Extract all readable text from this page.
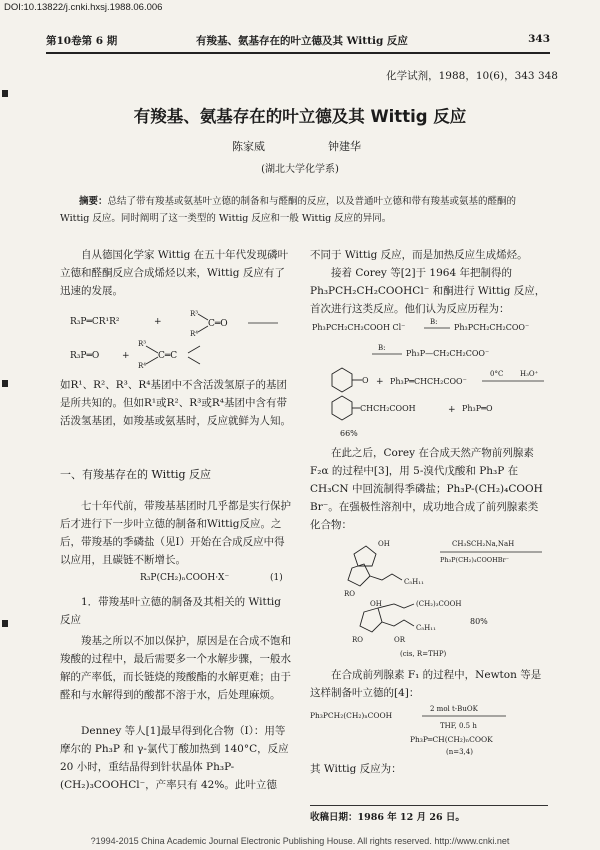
DOI:10.13822/j.cnki.hxsj.1988.06.006
第10卷第 6 期	有羧基、氨基存在的叶立德及其 Wittig 反应	343
化学试剂，1988，10(6)，343 348
有羧基、氨基存在的叶立德及其 Wittig 反应
陈家威	钟建华
(湖北大学化学系)
摘要：总结了带有羧基或氨基叶立德的制备和与醛酮的反应，以及普通叶立德和带有羧基或氨基的醛酮的 Wittig 反应。同时阐明了这一类型的 Wittig 反应和一般 Wittig 反应的异同。
自从德国化学家 Wittig 在五十年代发现磷叶立德和醛酮反应合成烯烃以来，Wittig 反应有了迅速的发展。
R₃P═CR¹R²	+
R³
R⁴
C═O
R₃P═O	+
R³
R⁴
C═C
如R¹、R²、R³、R⁴基团中不含活泼氢原子的基团是所共知的。但如R¹或R²、R³或R⁴基团中含有带活泼氢基团，如羧基或氨基时，反应就鲜为人知。
一、有羧基存在的 Wittig 反应
七十年代前，带羧基基团时几乎都是实行保护后才进行下一步叶立德的制备和Wittig反应。之后，带羧基的季磷盐（见Ⅰ）开始在合成反应中得以应用，且碳链不断增长。
R₃P(CH₂)ₙCOOH·X⁻	(1)
1．带羧基叶立德的制备及其相关的 Wittig 反应
羧基之所以不加以保护，原因是在合成不饱和羧酸的过程中，最后需要多一个水解步骤，一般水解的产率低，而长链烧的羧酸酯的水解更难；由于醛和与水解得到的酸都不溶于水，后处理麻烦。
Denney 等人[1]最早得到化合物（Ⅰ）：用等摩尔的 Ph₃P 和 γ-氯代丁酸加热到 140°C，反应 20 小时，重结晶得到针状晶体 Ph₃P-(CH₂)₃COOHCl⁻，产率只有 42%。此叶立德
不同于 Wittig 反应，而是加热反应生成烯烃。
接着 Corey 等[2]于 1964 年把制得的 Ph₃PCH₂CH₂COOHCl⁻ 和酮进行 Wittig 反应，首次进行这类反应。他们认为反应历程为：
Ph₃PCH₂CH₂COOH Cl⁻
B:
Ph₃PCH₂CH₂COO⁻
B:
Ph₃P—CH₂CH₂COO⁻
O + Ph₃P═CHCH₂COO⁻
0°C H₃O⁺
CHCH₂COOH	+ Ph₃P═O
66%
在此之后，Corey 在合成天然产物前列腺素 F₂α 的过程中[3]，用 5-溴代戊酸和 Ph₃P 在 CH₃CN 中回流制得季磷盐；Ph₃P-(CH₂)₄COOH Br⁻。在强极性溶剂中，成功地合成了前列腺素类化合物：
OH
C₅H₁₁
RO
CH₃SCH₂Na,NaH
Ph₃P(CH₂)₄COOHBr⁻
OH	(CH₂)₃COOH
80%
C₅H₁₁
RO	OR
(cis, R=THP)
在合成前列腺素 F₁ 的过程中，Newton 等是这样制备叶立德的[4]：
Ph₃PCH₂(CH₂)ₙCOOH
2 mol t-BuOK
THF, 0.5 h
Ph₃P═CH(CH₂)ₙCOOK
(n=3,4)
其 Wittig 反应为：
收稿日期：1986 年 12 月 26 日。
?1994-2015 China Academic Journal Electronic Publishing House. All rights reserved. http://www.cnki.net
